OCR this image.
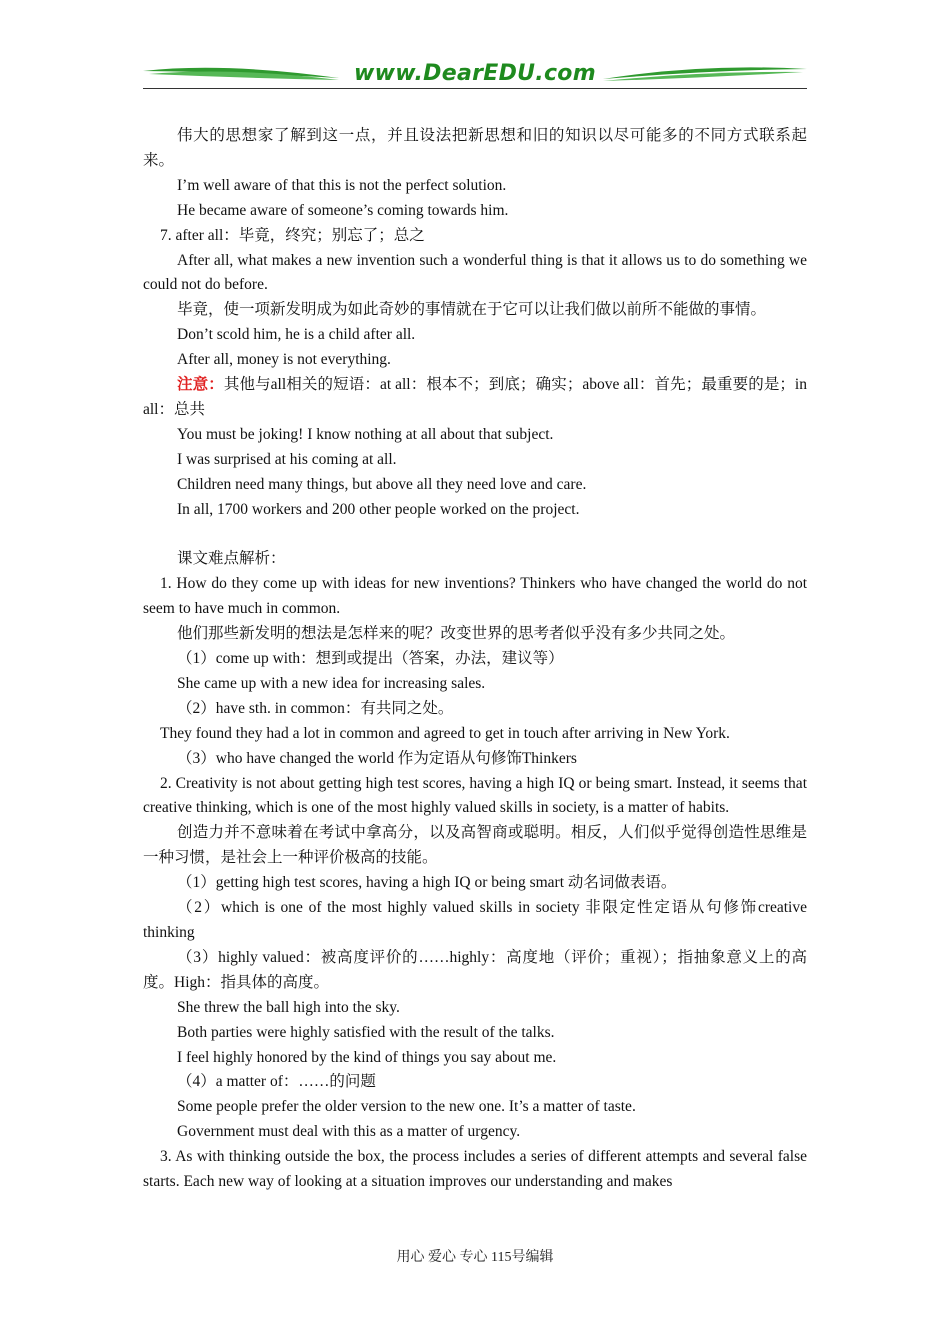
www.DearEDU.com

伟大的思想家了解到这一点，并且设法把新思想和旧的知识以尽可能多的不同方式联系起来。

I’m well aware of that this is not the perfect solution.

He became aware of someone’s coming towards him.

7. after all：毕竟，终究；别忘了；总之

After all, what makes a new invention such a wonderful thing is that it allows us to do something we could not do before.

毕竟，使一项新发明成为如此奇妙的事情就在于它可以让我们做以前所不能做的事情。

Don’t scold him, he is a child after all.

After all, money is not everything.

注意：其他与all相关的短语：at all：根本不；到底；确实；above all：首先；最重要的是；in all：总共

You must be joking! I know nothing at all about that subject.

I was surprised at his coming at all.

Children need many things, but above all they need love and care.

In all, 1700 workers and 200 other people worked on the project.

课文难点解析：

1. How do they come up with ideas for new inventions? Thinkers who have changed the world do not seem to have much in common.

他们那些新发明的想法是怎样来的呢？改变世界的思考者似乎没有多少共同之处。

（1）come up with：想到或提出（答案，办法，建议等）

She came up with a new idea for increasing sales.

（2）have sth. in common：有共同之处。

They found they had a lot in common and agreed to get in touch after arriving in New York.

（3）who have changed the world 作为定语从句修饰Thinkers

2. Creativity is not about getting high test scores, having a high IQ or being smart. Instead, it seems that creative thinking, which is one of the most highly valued skills in society, is a matter of habits.

创造力并不意味着在考试中拿高分，以及高智商或聪明。相反，人们似乎觉得创造性思维是一种习惯，是社会上一种评价极高的技能。

（1）getting high test scores, having a high IQ or being smart 动名词做表语。

（2）which is one of the most highly valued skills in society 非限定性定语从句修饰creative thinking

（3）highly valued：被高度评价的……highly：高度地（评价；重视）；指抽象意义上的高度。High：指具体的高度。

She threw the ball high into the sky.

Both parties were highly satisfied with the result of the talks.

I feel highly honored by the kind of things you say about me.

（4）a matter of：……的问题

Some people prefer the older version to the new one. It’s a matter of taste.

Government must deal with this as a matter of urgency.

3. As with thinking outside the box, the process includes a series of different attempts and several false starts. Each new way of looking at a situation improves our understanding and makes

用心 爱心 专心 115号编辑
